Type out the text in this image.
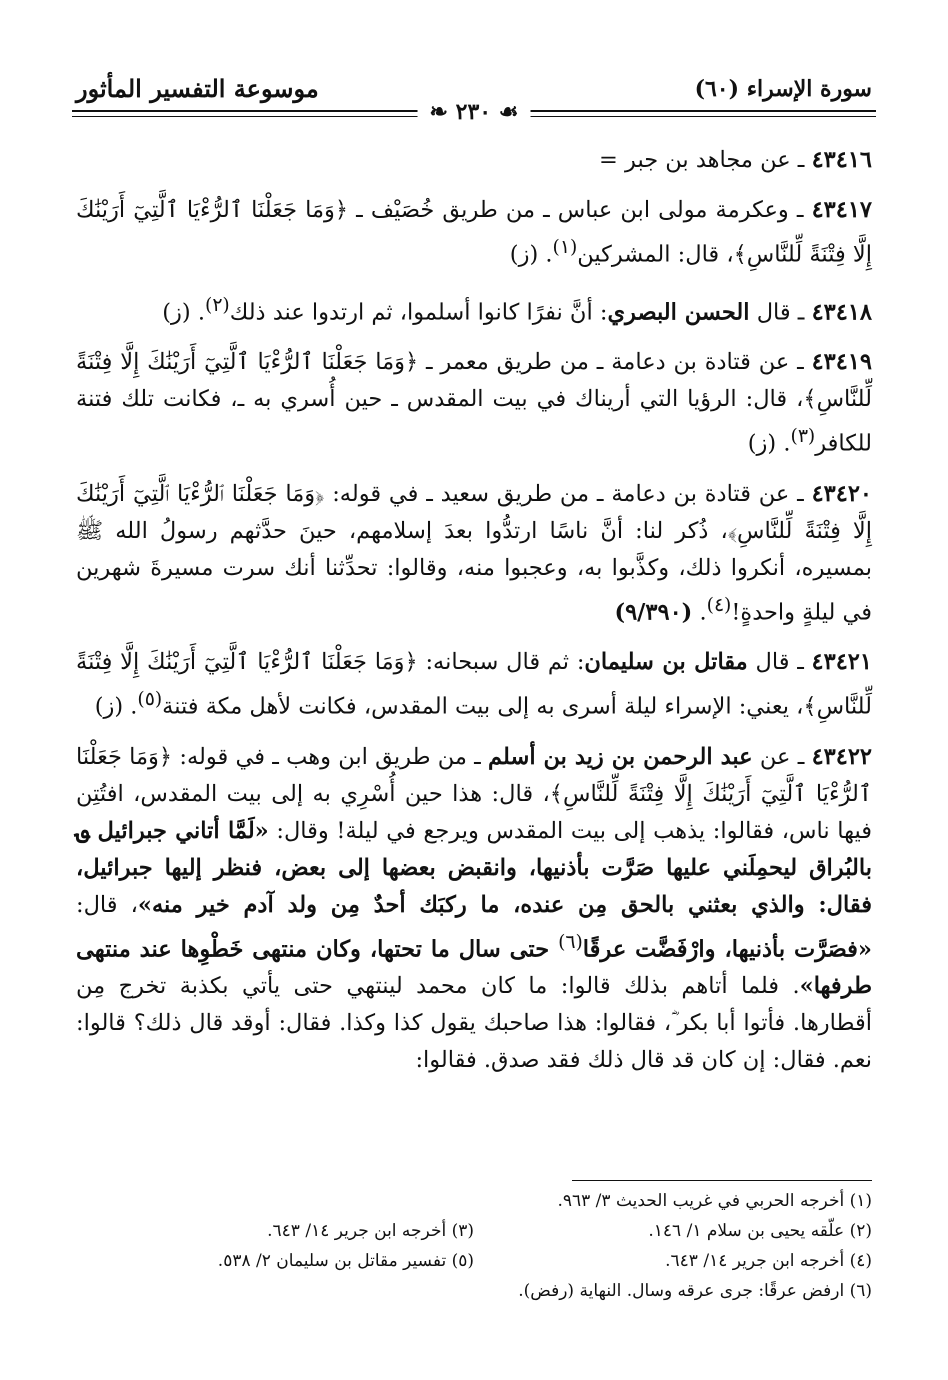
سورة الإسراء (٦٠)
موسوعة التفسير المأثور
❧ ٢٣٠ ☙

٤٣٤١٦ ـ عن مجاهد بن جبر =

٤٣٤١٧ ـ وعكرمة مولى ابن عباس ـ من طريق خُصَيْف ـ ﴿وَمَا جَعَلْنَا ٱلرُّءْيَا ٱلَّتِيٓ أَرَيْنَٰكَ إِلَّا فِتْنَةً لِّلنَّاسِ﴾، قال: المشركين$^{(١)}$. (ز)

٤٣٤١٨ ـ قال الحسن البصري: أنَّ نفرًا كانوا أسلموا، ثم ارتدوا عند ذلك$^{(٢)}$. (ز)

٤٣٤١٩ ـ عن قتادة بن دعامة ـ من طريق معمر ـ ﴿وَمَا جَعَلْنَا ٱلرُّءْيَا ٱلَّتِيٓ أَرَيْنَٰكَ إِلَّا فِتْنَةً لِّلنَّاسِ﴾، قال: الرؤيا التي أريناك في بيت المقدس ـ حين أُسري به ـ، فكانت تلك فتنة للكافر$^{(٣)}$. (ز)

٤٣٤٢٠ ـ عن قتادة بن دعامة ـ من طريق سعيد ـ في قوله: ﴿وَمَا جَعَلْنَا ٱلرُّءْيَا ٱلَّتِيٓ أَرَيْنَٰكَ إِلَّا فِتْنَةً لِّلنَّاسِ﴾، ذُكر لنا: أنَّ ناسًا ارتدُّوا بعدَ إسلامهم، حينَ حدَّثهم رسولُ الله ﷺ بمسيره، أنكروا ذلك، وكذَّبوا به، وعجبوا منه، وقالوا: تحدِّثنا أنك سرت مسيرةَ شهرين في ليلةٍ واحدةٍ!$^{(٤)}$. (٩/٣٩٠)

٤٣٤٢١ ـ قال مقاتل بن سليمان: ثم قال سبحانه: ﴿وَمَا جَعَلْنَا ٱلرُّءْيَا ٱلَّتِيٓ أَرَيْنَٰكَ إِلَّا فِتْنَةً لِّلنَّاسِ﴾، يعني: الإسراء ليلة أسرى به إلى بيت المقدس، فكانت لأهل مكة فتنة$^{(٥)}$. (ز)

٤٣٤٢٢ ـ عن عبد الرحمن بن زيد بن أسلم ـ من طريق ابن وهب ـ في قوله: ﴿وَمَا جَعَلْنَا ٱلرُّءْيَا ٱلَّتِيٓ أَرَيْنَٰكَ إِلَّا فِتْنَةً لِّلنَّاسِ﴾، قال: هذا حين أُسْرِي به إلى بيت المقدس، افتُتِن فيها ناس، فقالوا: يذهب إلى بيت المقدس ويرجع في ليلة! وقال: «لَمَّا أتاني جبرائيل ؈ بالبُراق ليحمِلَني عليها صَرَّت بأذنيها، وانقبض بعضها إلى بعض، فنظر إليها جبرائيل، فقال: والذي بعثني بالحق مِن عنده، ما ركبَك أحدٌ مِن ولد آدم خير منه»، قال: «فصَرَّت بأذنيها، وارْفَضَّت عرقًا$^{(٦)}$ حتى سال ما تحتها، وكان منتهى خَطْوِها عند منتهى طرفها». فلما أتاهم بذلك قالوا: ما كان محمد لينتهي حتى يأتي بكذبة تخرج مِن أقطارها. فأتوا أبا بكر ؓ، فقالوا: هذا صاحبك يقول كذا وكذا. فقال: أوقد قال ذلك؟ قالوا: نعم. فقال: إن كان قد قال ذلك فقد صدق. فقالوا:

(١) أخرجه الحربي في غريب الحديث ٣/ ٩٦٣.
(٢) علّقه يحيى بن سلام ١/ ١٤٦.
(٣) أخرجه ابن جرير ١٤/ ٦٤٣.
(٤) أخرجه ابن جرير ١٤/ ٦٤٣.
(٥) تفسير مقاتل بن سليمان ٢/ ٥٣٨.
(٦) ارفض عرقًا: جرى عرقه وسال. النهاية (رفض).
